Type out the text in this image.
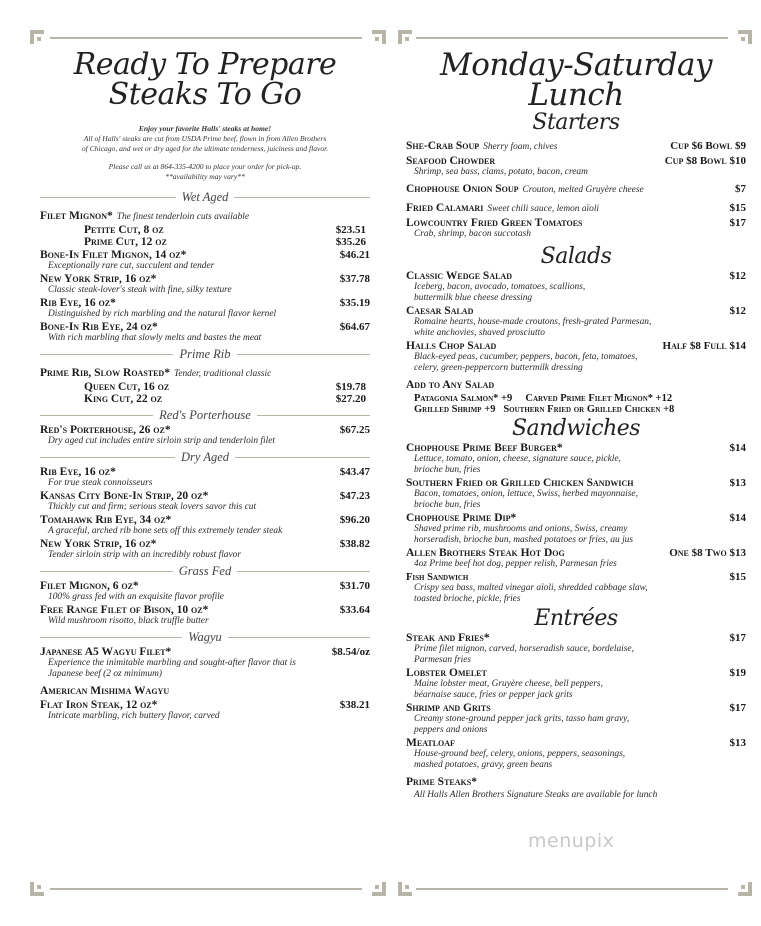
Ready To Prepare
Steaks To Go
Enjoy your favorite Halls' steaks at home!
All of Halls' steaks are cut from USDA Prime beef, flown in from Allen Brothers
of Chicago, and wet or dry aged for the ultimate tenderness, juiciness and flavor.
Please call us at 864-335-4200 to place your order for pick-up.
**availability may vary**
Wet Aged
Filet Mignon* The finest tenderloin cuts available
Petite Cut, 8 oz	$23.51
Prime Cut, 12 oz	$35.26
Bone-In Filet Mignon, 14 oz*	$46.21
Exceptionally rare cut, succulent and tender
New York Strip, 16 oz*	$37.78
Classic steak-lover's steak with fine, silky texture
Rib Eye, 16 oz*	$35.19
Distinguished by rich marbling and the natural flavor kernel
Bone-In Rib Eye, 24 oz*	$64.67
With rich marbling that slowly melts and bastes the meat
Prime Rib
Prime Rib, Slow Roasted* Tender, traditional classic
Queen Cut, 16 oz	$19.78
King Cut, 22 oz	$27.20
Red's Porterhouse
Red's Porterhouse, 26 oz*	$67.25
Dry aged cut includes entire sirloin strip and tenderloin filet
Dry Aged
Rib Eye, 16 oz*	$43.47
For true steak connoisseurs
Kansas City Bone-In Strip, 20 oz*	$47.23
Thickly cut and firm; serious steak lovers savor this cut
Tomahawk Rib Eye, 34 oz*	$96.20
A graceful, arched rib bone sets off this extremely tender steak
New York Strip, 16 oz*	$38.82
Tender sirloin strip with an incredibly robust flavor
Grass Fed
Filet Mignon, 6 oz*	$31.70
100% grass fed with an exquisite flavor profile
Free Range Filet of Bison, 10 oz*	$33.64
Wild mushroom risotto, black truffle butter
Wagyu
Japanese A5 Wagyu Filet*	$8.54/oz
Experience the inimitable marbling and sought-after flavor that is
Japanese beef (2 oz minimum)
American Mishima Wagyu
Flat Iron Steak, 12 oz*	$38.21
Intricate marbling, rich buttery flavor, carved
Monday-Saturday Lunch
Starters
She-Crab Soup Sherry foam, chives	Cup $6 Bowl $9
Seafood Chowder	Cup $8 Bowl $10
Shrimp, sea bass, clams, potato, bacon, cream
Chophouse Onion Soup Crouton, melted Gruyère cheese	$7
Fried Calamari Sweet chili sauce, lemon aïoli	$15
Lowcountry Fried Green Tomatoes	$17
Crab, shrimp, bacon succotash
Salads
Classic Wedge Salad	$12
Iceberg, bacon, avocado, tomatoes, scallions,
buttermilk blue cheese dressing
Caesar Salad	$12
Romaine hearts, house-made croutons, fresh-grated Parmesan,
white anchovies, shaved prosciutto
Halls Chop Salad	Half $8 Full $14
Black-eyed peas, cucumber, peppers, bacon, feta, tomatoes,
celery, green-peppercorn buttermilk dressing
Add to Any Salad
Patagonia Salmon* +9     Carved Prime Filet Mignon* +12
Grilled Shrimp +9   Southern Fried or Grilled Chicken +8
Sandwiches
Chophouse Prime Beef Burger*	$14
Lettuce, tomato, onion, cheese, signature sauce, pickle,
brioche bun, fries
Southern Fried or Grilled Chicken Sandwich	$13
Bacon, tomatoes, onion, lettuce, Swiss, herbed mayonnaise,
brioche bun, fries
Chophouse Prime Dip*	$14
Shaved prime rib, mushrooms and onions, Swiss, creamy
horseradish, brioche bun, mashed potatoes or fries, au jus
Allen Brothers Steak Hot Dog	One $8 Two $13
4oz Prime beef hot dog, pepper relish, Parmesan fries
Fish Sandwich	$15
Crispy sea bass, malted vinegar aïoli, shredded cabbage slaw,
toasted brioche, pickle, fries
Entrées
Steak and Fries*	$17
Prime filet mignon, carved, horseradish sauce, bordelaise,
Parmesan fries
Lobster Omelet	$19
Maine lobster meat, Gruyère cheese, bell peppers,
béarnaise sauce, fries or pepper jack grits
Shrimp and Grits	$17
Creamy stone-ground pepper jack grits, tasso ham gravy,
peppers and onions
Meatloaf	$13
House-ground beef, celery, onions, peppers, seasonings,
mashed potatoes, gravy, green beans
Prime Steaks*
All Halls Allen Brothers Signature Steaks are available for lunch
menupix
